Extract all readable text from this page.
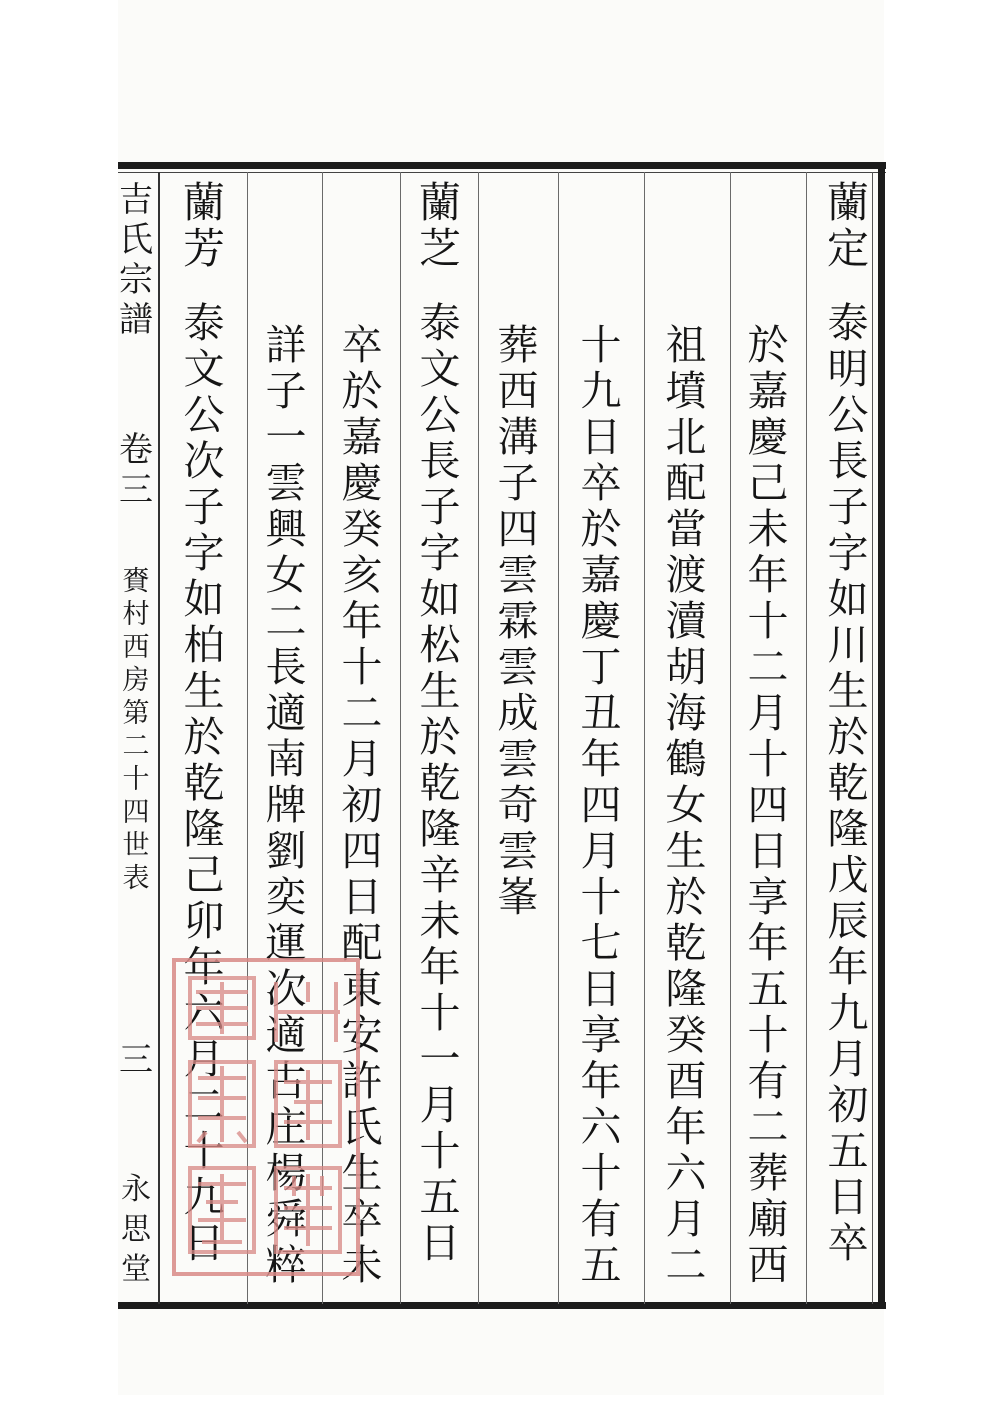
吉
氏
宗
譜
卷
三
賚
村
西
房
第
二
十
四
世
表
三
永
思
堂
蘭
定
泰
明
公
長
子
字
如
川
生
於
乾
隆
戊
辰
年
九
月
初
五
日
卒
於
嘉
慶
己
未
年
十
二
月
十
四
日
享
年
五
十
有
二
葬
廟
西
祖
墳
北
配
當
渡
瀆
胡
海
鶴
女
生
於
乾
隆
癸
酉
年
六
月
二
十
九
日
卒
於
嘉
慶
丁
丑
年
四
月
十
七
日
享
年
六
十
有
五
葬
西
溝
子
四
雲
霖
雲
成
雲
奇
雲
峯
蘭
芝
泰
文
公
長
子
字
如
松
生
於
乾
隆
辛
未
年
十
一
月
十
五
日
卒
於
嘉
慶
癸
亥
年
十
二
月
初
四
日
配
東
安
許
氏
生
卒
未
詳
子
一
雲
興
女
二
長
適
南
牌
劉
奕
運
次
適
古
庄
楊
舜
粹
蘭
芳
泰
文
公
次
子
字
如
柏
生
於
乾
隆
己
卯
年
六
月
二
十
九
日
